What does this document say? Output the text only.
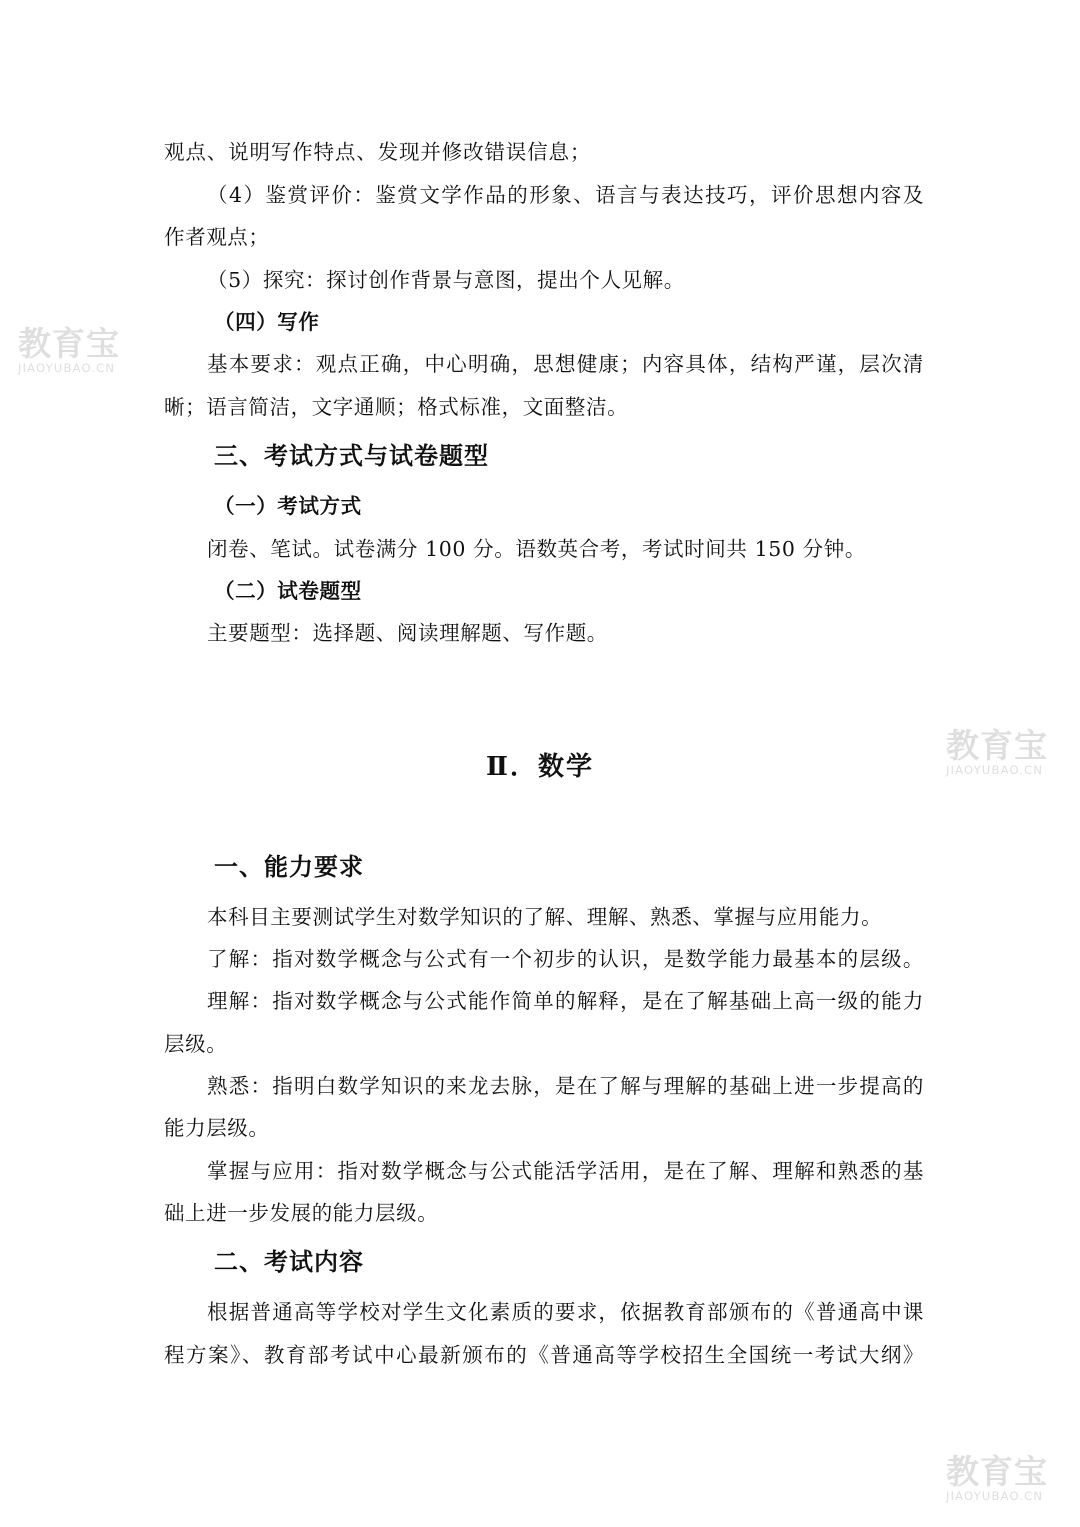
观点、说明写作特点、发现并修改错误信息；
（4）鉴赏评价：鉴赏文学作品的形象、语言与表达技巧，评价思想内容及
作者观点；
（5）探究：探讨创作背景与意图，提出个人见解。
（四）写作
基本要求：观点正确，中心明确，思想健康；内容具体，结构严谨，层次清
晰；语言简洁，文字通顺；格式标准，文面整洁。
三、考试方式与试卷题型
（一）考试方式
闭卷、笔试。试卷满分 100 分。语数英合考，考试时间共 150 分钟。
（二）试卷题型
主要题型：选择题、阅读理解题、写作题。
Ⅱ．数学
一、能力要求
本科目主要测试学生对数学知识的了解、理解、熟悉、掌握与应用能力。
了解：指对数学概念与公式有一个初步的认识，是数学能力最基本的层级。
理解：指对数学概念与公式能作简单的解释，是在了解基础上高一级的能力
层级。
熟悉：指明白数学知识的来龙去脉，是在了解与理解的基础上进一步提高的
能力层级。
掌握与应用：指对数学概念与公式能活学活用，是在了解、理解和熟悉的基
础上进一步发展的能力层级。
二、考试内容
根据普通高等学校对学生文化素质的要求，依据教育部颁布的《普通高中课
程方案》、教育部考试中心最新颁布的《普通高等学校招生全国统一考试大纲》
教育宝
JIAOYUBAO.CN
教育宝
JIAOYUBAO.CN
教育宝
JIAOYUBAO.CN
